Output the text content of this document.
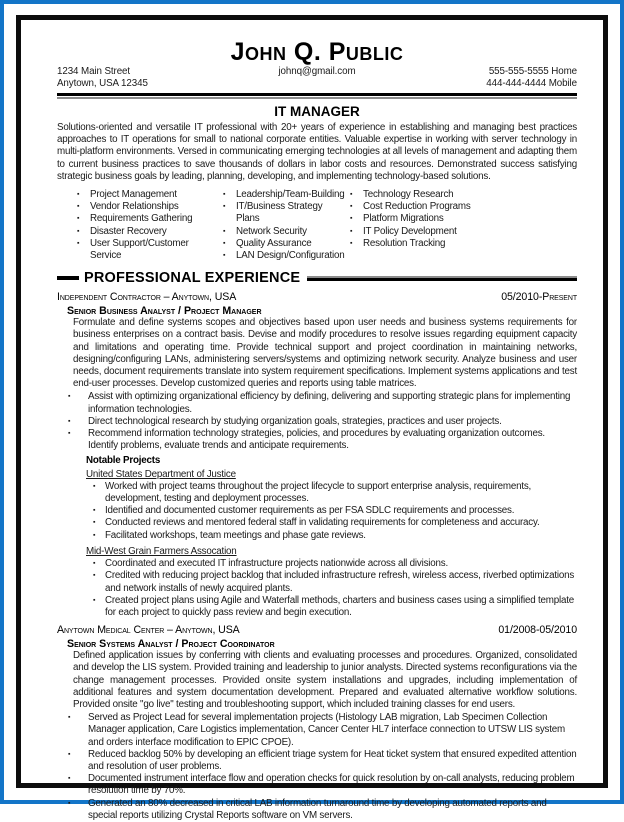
John Q. Public
1234 Main Street
Anytown, USA 12345
johnq@gmail.com	555-555-5555 Home
444-444-4444 Mobile
IT MANAGER

Solutions-oriented and versatile IT professional with 20+ years of experience in establishing and managing best practices approaches to IT operations for small to national corporate entities. Valuable expertise in working with server technology in multi-platform environments. Versed in communicating emerging technologies at all levels of management and adapting them to current business practices to save thousands of dollars in labor costs and resources. Demonstrated success satisfying strategic business goals by leading, planning, developing, and implementing technology-based solutions.

▪ Project Management
▪ Vendor Relationships
▪ Requirements Gathering
▪ Disaster Recovery
▪ User Support/Customer Service
▪ Leadership/Team-Building
▪ IT/Business Strategy Plans
▪ Network Security
▪ Quality Assurance
▪ LAN Design/Configuration
▪ Technology Research
▪ Cost Reduction Programs
▪ Platform Migrations
▪ IT Policy Development
▪ Resolution Tracking
PROFESSIONAL EXPERIENCE
Independent Contractor – Anytown, USA	05/2010-Present
Senior Business Analyst / Project Manager

Formulate and define systems scopes and objectives based upon user needs and business systems requirements for business enterprises on a contract basis. Devise and modify procedures to resolve issues regarding equipment capacity and limitations and operating time. Provide technical support and project coordination in maintaining networks, designing/configuring LANs, administering servers/systems and optimizing network security. Analyze business and user needs, document requirements translate into system requirement specifications. Implement systems applications and test end-user processes. Develop customized queries and reports using table matrices.

▪ Assist with optimizing organizational efficiency by defining, delivering and supporting strategic plans for implementing information technologies.
▪ Direct technological research by studying organization goals, strategies, practices and user projects.
▪ Recommend information technology strategies, policies, and procedures by evaluating organization outcomes. Identify problems, evaluate trends and anticipate requirements.
Notable Projects
United States Department of Justice
▪ Worked with project teams throughout the project lifecycle to support enterprise analysis, requirements, development, testing and deployment processes.
▪ Identified and documented customer requirements as per FSA SDLC requirements and processes.
▪ Conducted reviews and mentored federal staff in validating requirements for completeness and accuracy.
▪ Facilitated workshops, team meetings and phase gate reviews.
Mid-West Grain Farmers Assocation
▪ Coordinated and executed IT infrastructure projects nationwide across all divisions.
▪ Credited with reducing project backlog that included infrastructure refresh, wireless access, riverbed optimizations and network installs of newly acquired plants.
▪ Created project plans using Agile and Waterfall methods, charters and business cases using a simplified template for each project to quickly pass review and begin execution.
Anytown Medical Center – Anytown, USA	01/2008-05/2010
Senior Systems Analyst / Project Coordinator

Defined application issues by conferring with clients and evaluating processes and procedures. Organized, consolidated and develop the LIS system. Provided training and leadership to junior analysts. Directed systems reconfigurations via the change management processes. Provided onsite system installations and upgrades, including implementation of additional features and system documentation development. Prepared and evaluated alternative workflow solutions. Provided onsite "go live" testing and troubleshooting support, which included training classes for end users.

▪ Served as Project Lead for several implementation projects (Histology LAB migration, Lab Specimen Collection Manager application, Care Logistics implementation, Cancer Center HL7 interface connection to UTSW LIS system and orders interface modification to EPIC CPOE).
▪ Reduced backlog 50% by developing an efficient triage system for Heat ticket system that ensured expedited attention and resolution of user problems.
▪ Documented instrument interface flow and operation checks for quick resolution by on-call analysts, reducing problem resolution time by 70%.
▪ Generated an 80% decreased in critical LAB information turnaround time by developing automated reports and special reports utilizing Crystal Reports software on VM servers.
